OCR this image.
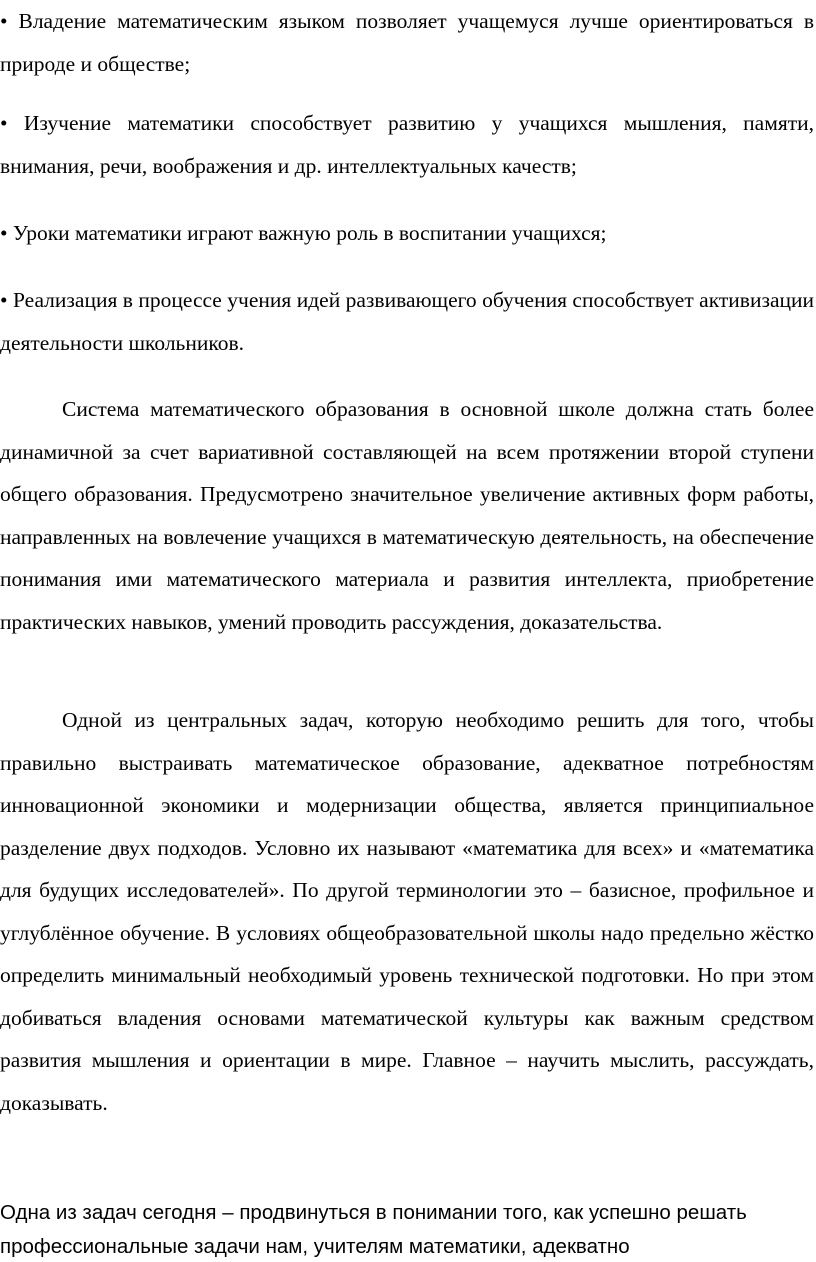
• Владение математическим языком позволяет учащемуся лучше ориентироваться в природе и обществе;

• Изучение математики способствует развитию у учащихся мышления, памяти, внимания, речи, воображения и др. интеллектуальных качеств;

• Уроки математики играют важную роль в воспитании учащихся;

• Реализация в процессе учения идей развивающего обучения способствует активизации деятельности школьников.

Система математического образования в основной школе должна стать более динамичной за счет вариативной составляющей на всем протяжении второй ступени общего образования. Предусмотрено значительное увеличение активных форм работы, направленных на вовлечение учащихся в математическую деятельность, на обеспечение понимания ими математического материала и развития интеллекта, приобретение практических навыков, умений проводить рассуждения, доказательства.

Одной из центральных задач, которую необходимо решить для того, чтобы правильно выстраивать математическое образование, адекватное потребностям инновационной экономики и модернизации общества, является принципиальное разделение двух подходов. Условно их называют «математика для всех» и «математика для будущих исследователей». По другой терминологии это – базисное, профильное и углублённое обучение. В условиях общеобразовательной школы надо предельно жёстко определить минимальный необходимый уровень технической подготовки. Но при этом добиваться владения основами математической культуры как важным средством развития мышления и ориентации в мире. Главное – научить мыслить, рассуждать, доказывать.

Одна из задач сегодня – продвинуться в понимании того, как успешно решать профессиональные задачи нам, учителям математики, адекватно
